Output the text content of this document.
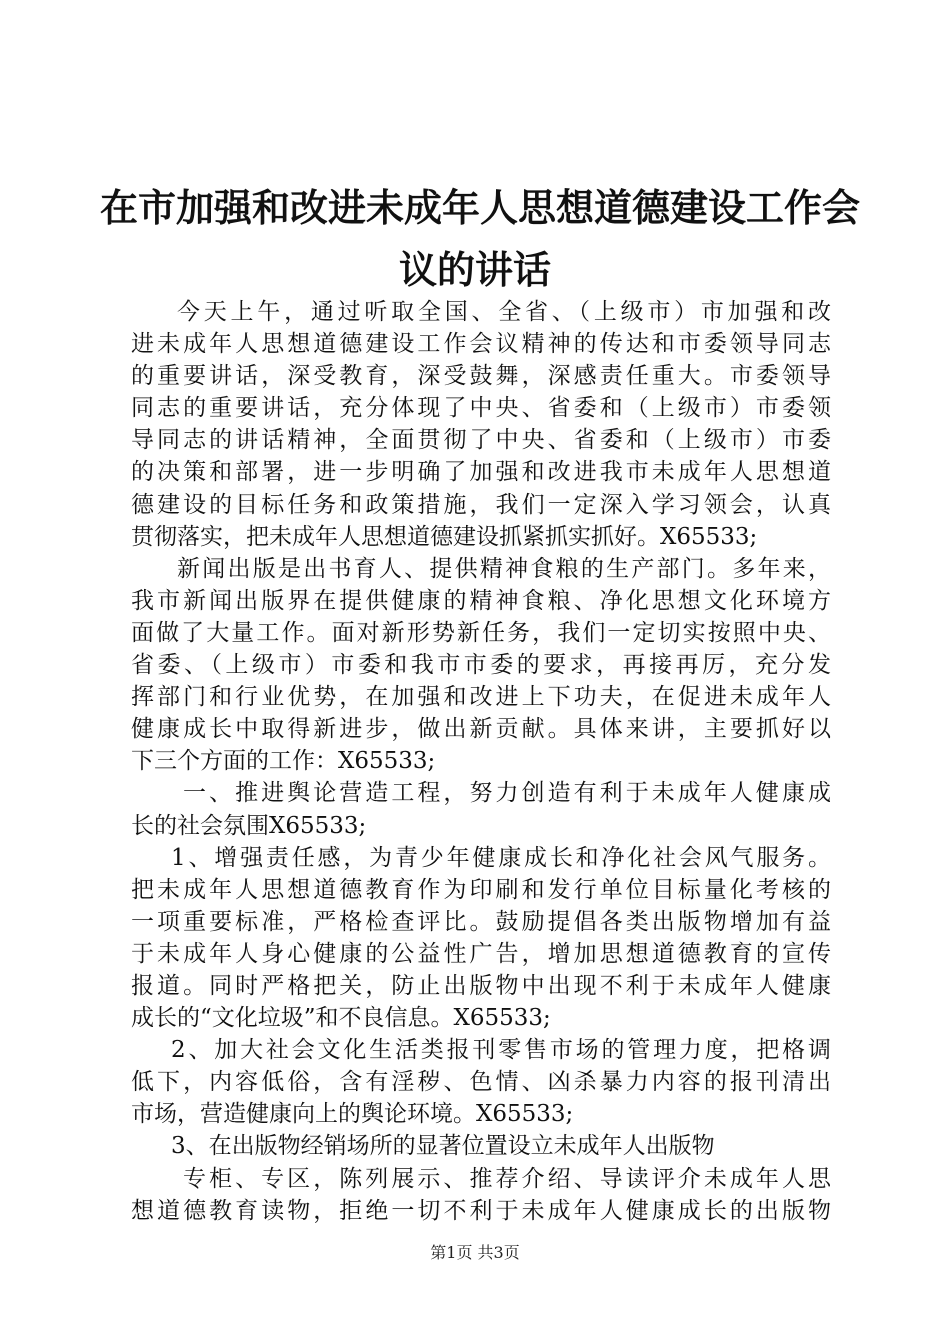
在市加强和改进未成年人思想道德建设工作会
议的讲话
今天上午，通过听取全国、全省、（上级市）市加强和改
进未成年人思想道德建设工作会议精神的传达和市委领导同志
的重要讲话，深受教育，深受鼓舞，深感责任重大。市委领导
同志的重要讲话，充分体现了中央、省委和（上级市）市委领
导同志的讲话精神，全面贯彻了中央、省委和（上级市）市委
的决策和部署，进一步明确了加强和改进我市未成年人思想道
德建设的目标任务和政策措施，我们一定深入学习领会，认真
贯彻落实，把未成年人思想道德建设抓紧抓实抓好。X65533;
新闻出版是出书育人、提供精神食粮的生产部门。多年来，
我市新闻出版界在提供健康的精神食粮、净化思想文化环境方
面做了大量工作。面对新形势新任务，我们一定切实按照中央、
省委、（上级市）市委和我市市委的要求，再接再厉，充分发
挥部门和行业优势，在加强和改进上下功夫，在促进未成年人
健康成长中取得新进步，做出新贡献。具体来讲，主要抓好以
下三个方面的工作：X65533;
一、推进舆论营造工程，努力创造有利于未成年人健康成
长的社会氛围X65533;
1、增强责任感，为青少年健康成长和净化社会风气服务。
把未成年人思想道德教育作为印刷和发行单位目标量化考核的
一项重要标准，严格检查评比。鼓励提倡各类出版物增加有益
于未成年人身心健康的公益性广告，增加思想道德教育的宣传
报道。同时严格把关，防止出版物中出现不利于未成年人健康
成长的“文化垃圾”和不良信息。X65533;
2、加大社会文化生活类报刊零售市场的管理力度，把格调
低下，内容低俗，含有淫秽、色情、凶杀暴力内容的报刊清出
市场，营造健康向上的舆论环境。X65533;
3、在出版物经销场所的显著位置设立未成年人出版物
专柜、专区，陈列展示、推荐介绍、导读评介未成年人思
想道德教育读物，拒绝一切不利于未成年人健康成长的出版物
第1页 共3页
